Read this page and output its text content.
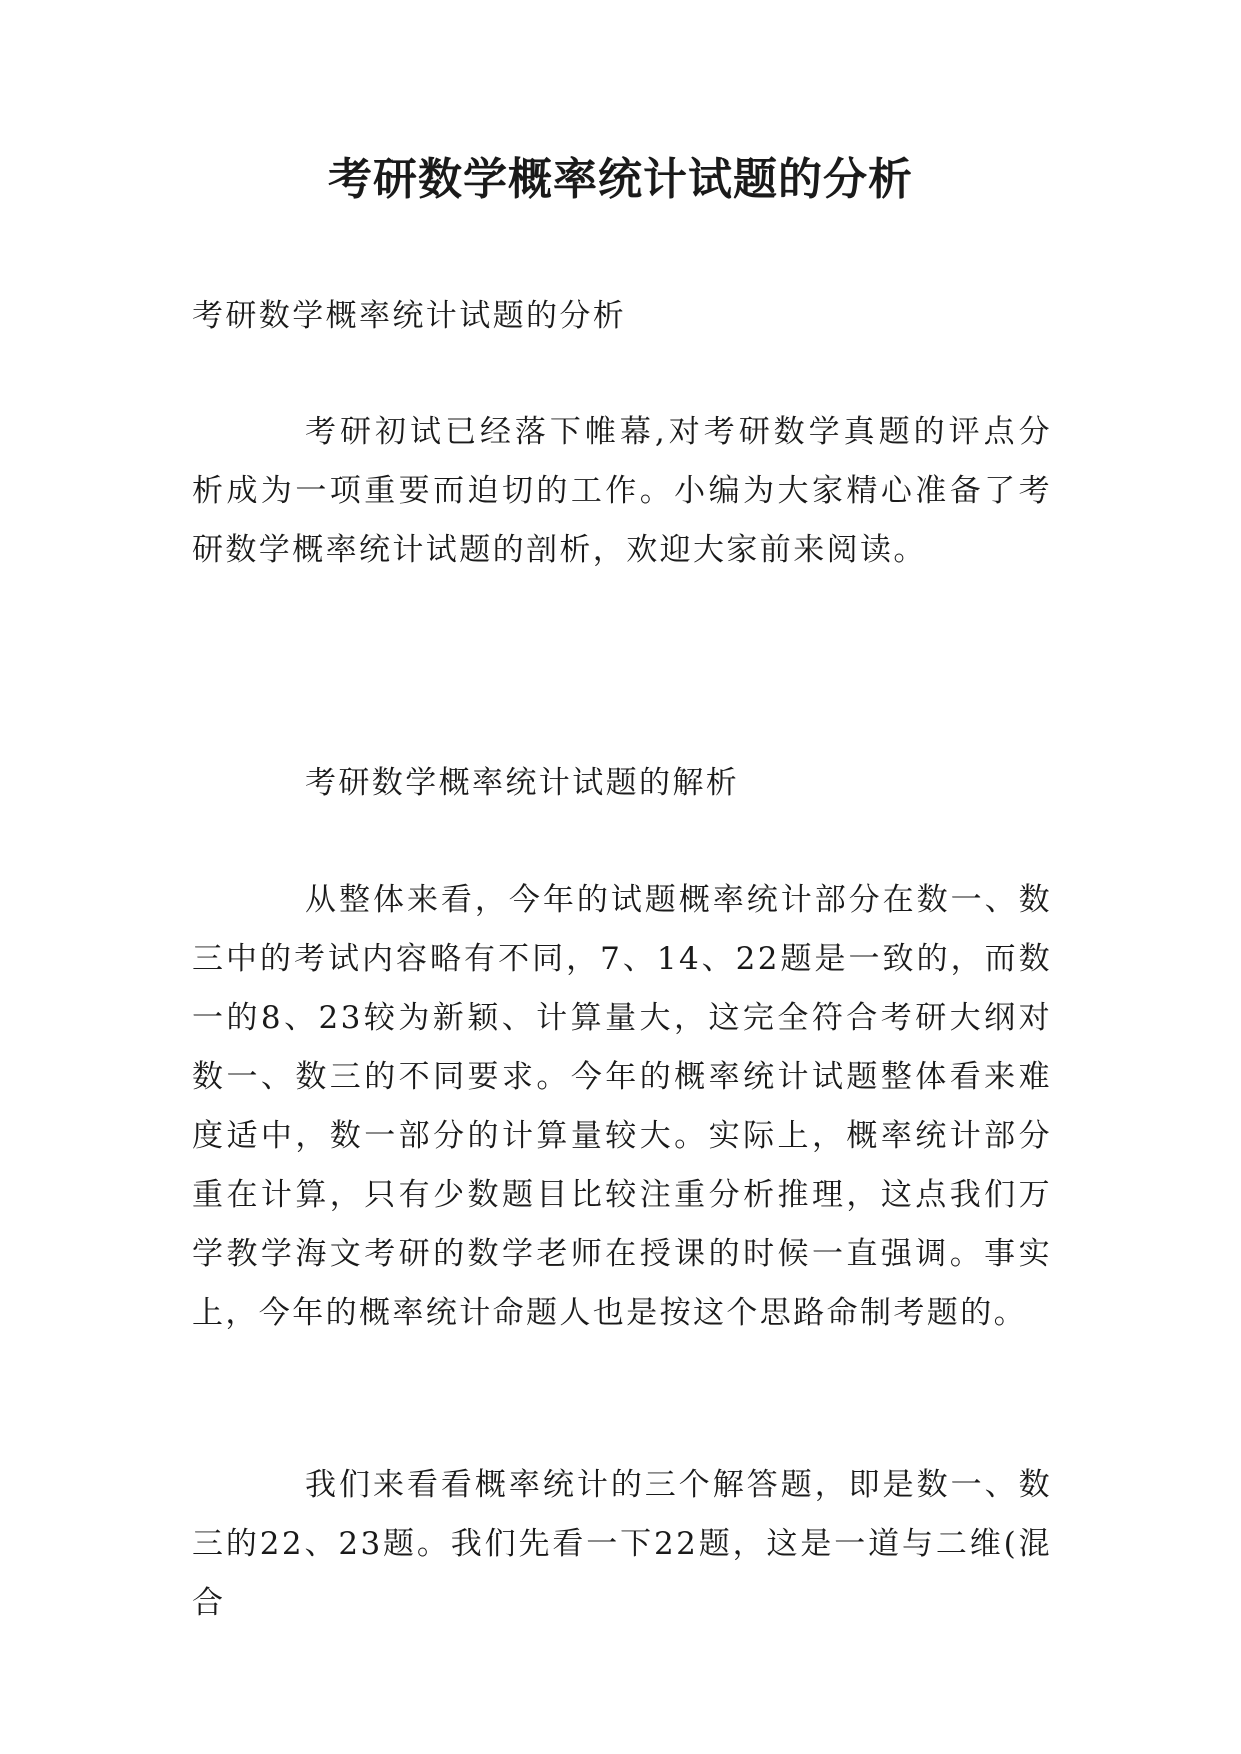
考研数学概率统计试题的分析

考研数学概率统计试题的分析

考研初试已经落下帷幕,对考研数学真题的评点分析成为一项重要而迫切的工作。小编为大家精心准备了考研数学概率统计试题的剖析，欢迎大家前来阅读。

考研数学概率统计试题的解析

从整体来看，今年的试题概率统计部分在数一、数三中的考试内容略有不同，7、14、22题是一致的，而数一的8、23较为新颖、计算量大，这完全符合考研大纲对数一、数三的不同要求。今年的概率统计试题整体看来难度适中，数一部分的计算量较大。实际上，概率统计部分重在计算，只有少数题目比较注重分析推理，这点我们万学教学海文考研的数学老师在授课的时候一直强调。事实上，今年的概率统计命题人也是按这个思路命制考题的。

我们来看看概率统计的三个解答题，即是数一、数三的22、23题。我们先看一下22题，这是一道与二维(混合
